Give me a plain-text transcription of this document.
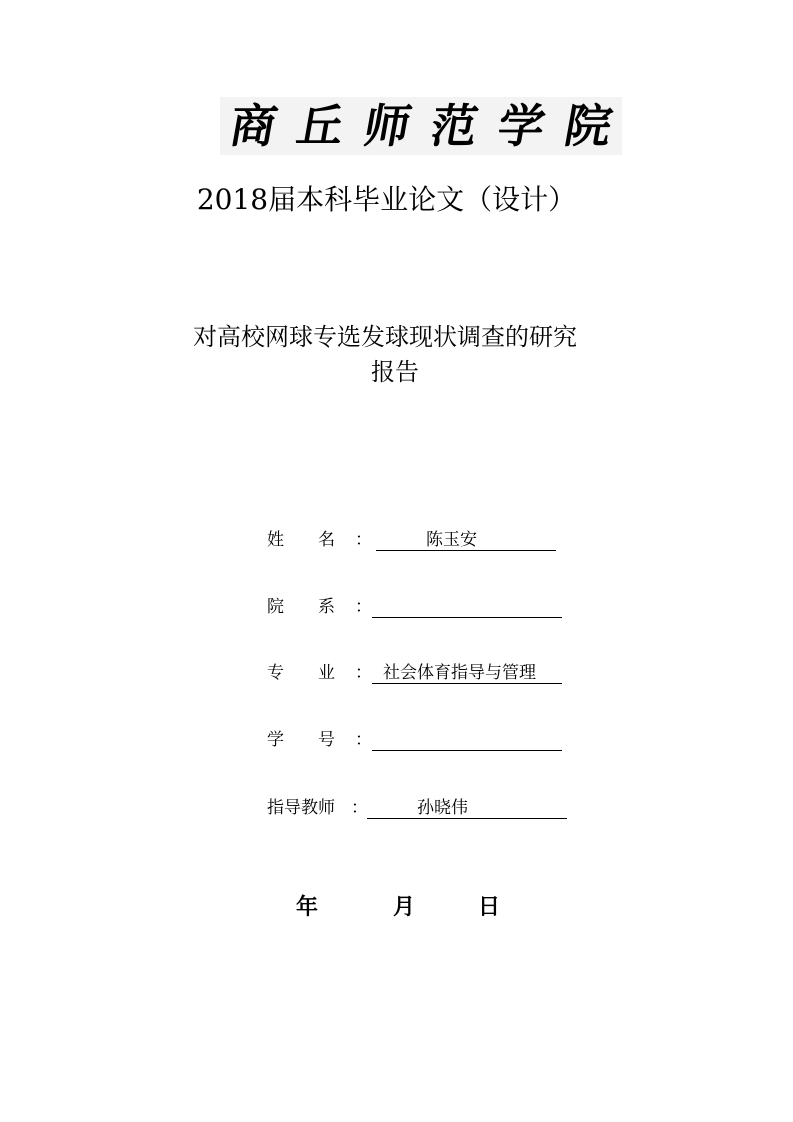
商 丘 师 范 学 院
2018届本科毕业论文（设计）
对高校网球专选发球现状调查的研究
报告
姓　　名 ：	陈玉安
院　　系 ：
专　　业 ： 社会体育指导与管理
学　　号 ：
指导教师 ：	孙晓伟
年	月	日
